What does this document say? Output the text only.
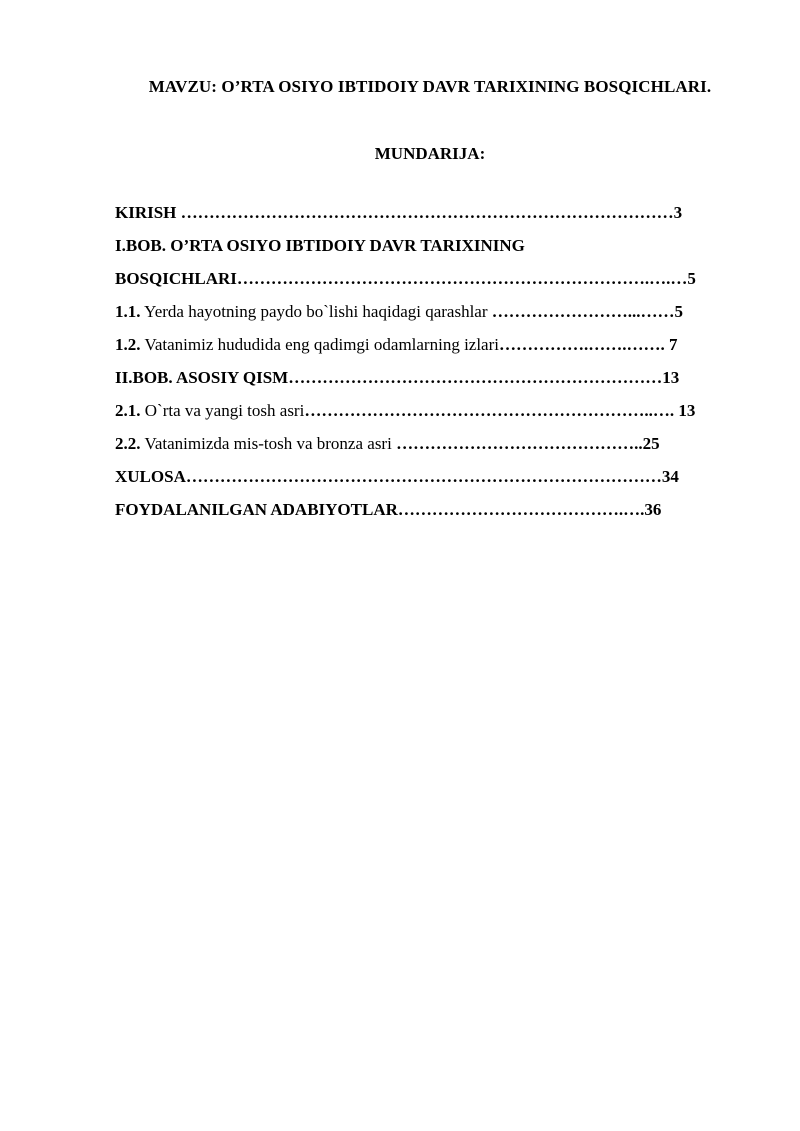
MAVZU: O’RTA OSIYO IBTIDOIY DAVR TARIXINING BOSQICHLARI.
MUNDARIJA:
KIRISH ……………………………………………………………………………3
I.BOB. O’RTA OSIYO IBTIDOIY DAVR TARIXINING
BOSQICHLARI……………………………………………………………….….…5
1.1. Yerda hayotning paydo bo`lishi haqidagi qarashlar ……………………...……5
1.2. Vatanimiz hududida eng qadimgi odamlarning izlari…………….…….……. 7
II.BOB. ASOSIY QISM…………………………………………………………13
2.1. O`rta va yangi tosh asri……………………………………………………..…. 13
2.2. Vatanimizda mis-tosh va bronza asri ……………………………………..25
XULOSA…………………………………………………………………………34
FOYDALANILGAN ADABIYOTLAR………………………………….….36
